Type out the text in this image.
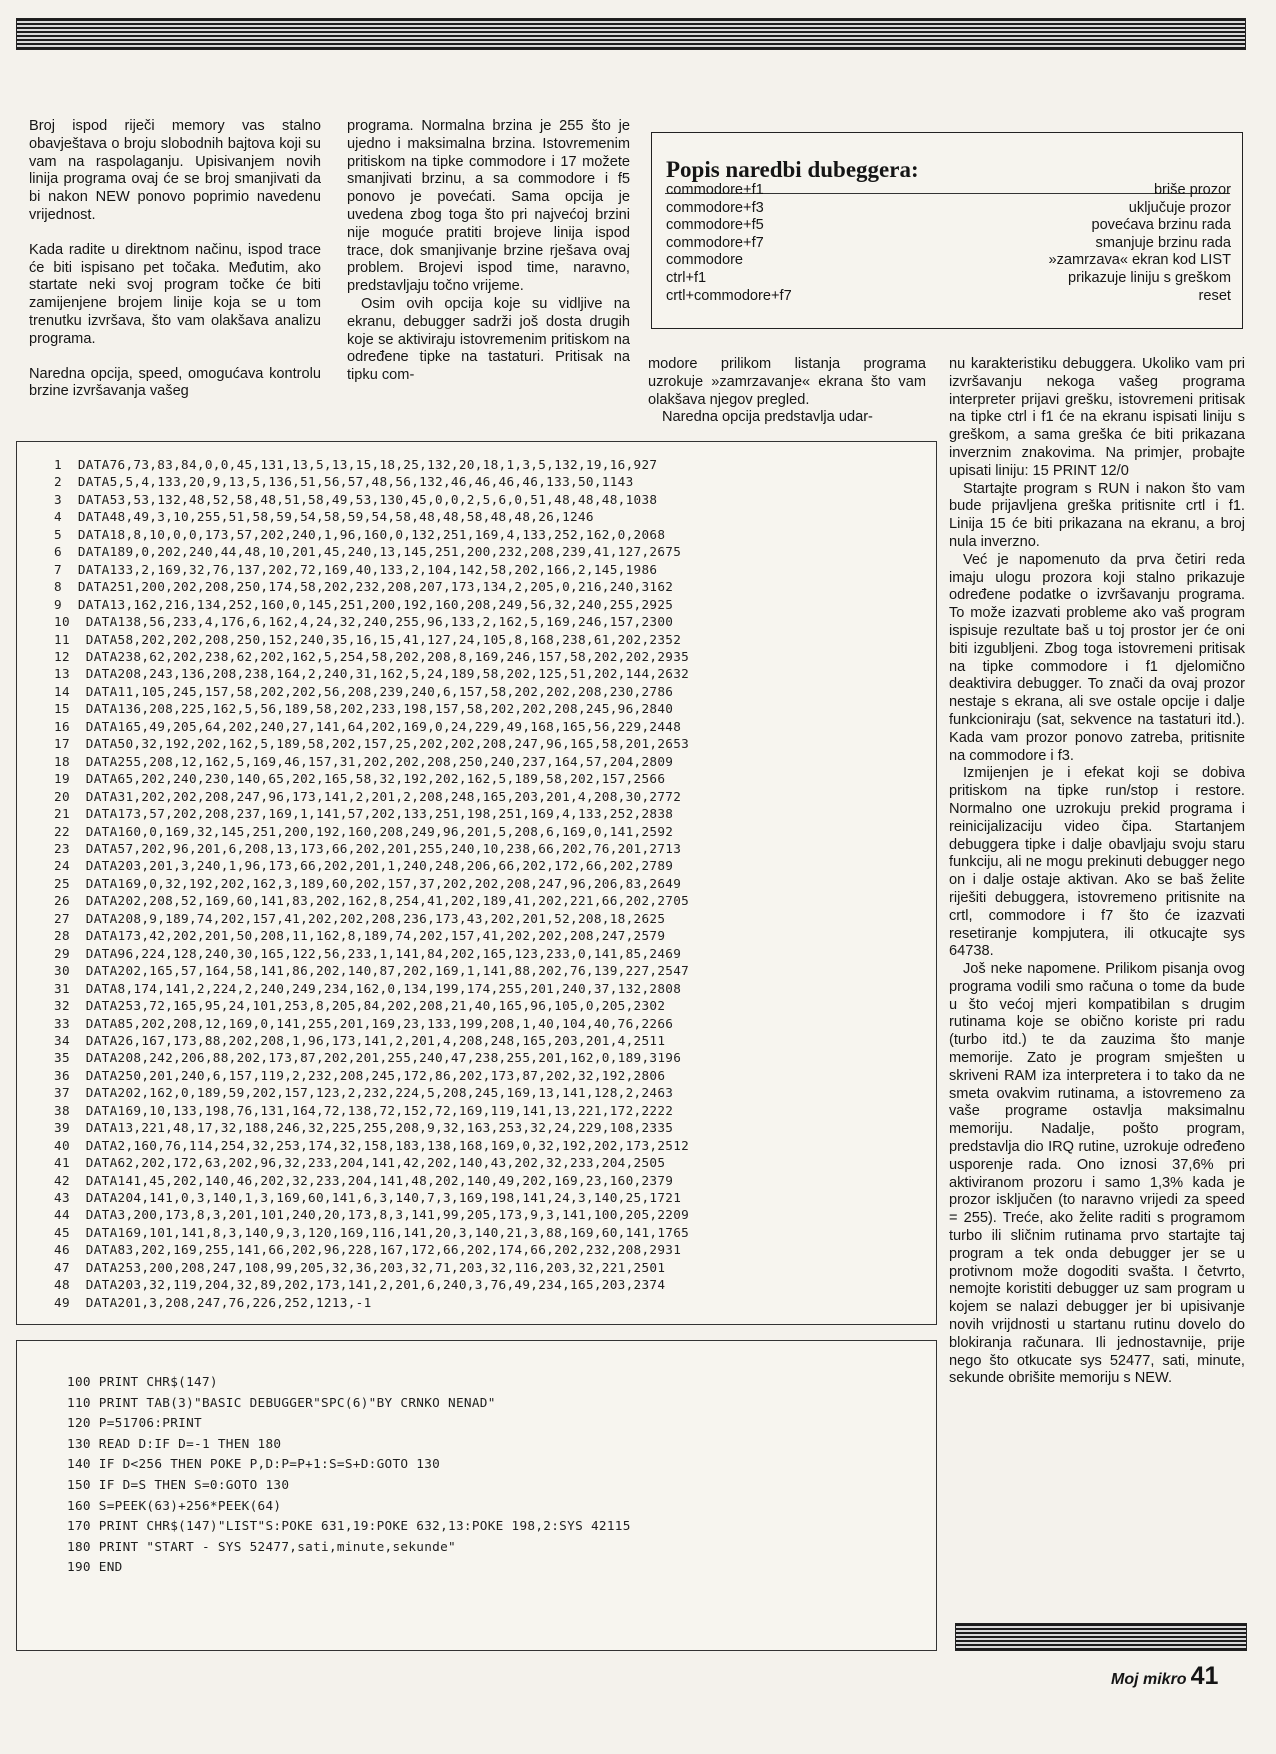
Broj ispod riječi memory vas stalno obavještava o broju slobodnih bajtova koji su vam na raspolaganju. Upisivanjem novih linija programa ovaj će se broj smanjivati da bi nakon NEW ponovo poprimio navedenu vrijednost.

Kada radite u direktnom načinu, ispod trace će biti ispisano pet točaka. Međutim, ako startate neki svoj program točke će biti zamijenjene brojem linije koja se u tom trenutku izvršava, što vam olakšava analizu programa.

Naredna opcija, speed, omogućava kontrolu brzine izvršavanja vašeg

programa. Normalna brzina je 255 što je ujedno i maksimalna brzina. Istovremenim pritiskom na tipke commodore i 17 možete smanjivati brzinu, a sa commodore i f5 ponovo je povećati. Sama opcija je uvedena zbog toga što pri najvećoj brzini nije moguće pratiti brojeve linija ispod trace, dok smanjivanje brzine rješava ovaj problem. Brojevi ispod time, naravno, predstavljaju točno vrijeme.

Osim ovih opcija koje su vidljive na ekranu, debugger sadrži još dosta drugih koje se aktiviraju istovremenim pritiskom na određene tipke na tastaturi. Pritisak na tipku com-

Popis naredbi dubeggera:
commodore+f1	briše prozor
commodore+f3	uključuje prozor
commodore+f5	povećava brzinu rada
commodore+f7	smanjuje brzinu rada
commodore	»zamrzava« ekran kod LIST
ctrl+f1	prikazuje liniju s greškom
crtl+commodore+f7	reset

modore prilikom listanja programa uzrokuje »zamrzavanje« ekrana što vam olakšava njegov pregled.

Naredna opcija predstavlja udar-

nu karakteristiku debuggera. Ukoliko vam pri izvršavanju nekoga vašeg programa interpreter prijavi grešku, istovremeni pritisak na tipke ctrl i f1 će na ekranu ispisati liniju s greškom, a sama greška će biti prikazana inverznim znakovima. Na primjer, probajte upisati liniju: 15 PRINT 12/0

Startajte program s RUN i nakon što vam bude prijavljena greška pritisnite crtl i f1. Linija 15 će biti prikazana na ekranu, a broj nula inverzno.

Već je napomenuto da prva četiri reda imaju ulogu prozora koji stalno prikazuje određene podatke o izvršavanju programa. To može izazvati probleme ako vaš program ispisuje rezultate baš u toj prostor jer će oni biti izgubljeni. Zbog toga istovremeni pritisak na tipke commodore i f1 djelomično deaktivira debugger. To znači da ovaj prozor nestaje s ekrana, ali sve ostale opcije i dalje funkcioniraju (sat, sekvence na tastaturi itd.). Kada vam prozor ponovo zatreba, pritisnite na commodore i f3.

Izmijenjen je i efekat koji se dobiva pritiskom na tipke run/stop i restore. Normalno one uzrokuju prekid programa i reinicijalizaciju video čipa. Startanjem debuggera tipke i dalje obavljaju svoju staru funkciju, ali ne mogu prekinuti debugger nego on i dalje ostaje aktivan. Ako se baš želite riješiti debuggera, istovremeno pritisnite na crtl, commodore i f7 što će izazvati resetiranje kompjutera, ili otkucajte sys 64738.

Još neke napomene. Prilikom pisanja ovog programa vodili smo računa o tome da bude u što većoj mjeri kompatibilan s drugim rutinama koje se obično koriste pri radu (turbo itd.) te da zauzima što manje memorije. Zato je program smješten u skriveni RAM iza interpretera i to tako da ne smeta ovakvim rutinama, a istovremeno za vaše programe ostavlja maksimalnu memoriju. Nadalje, pošto program, predstavlja dio IRQ rutine, uzrokuje određeno usporenje rada. Ono iznosi 37,6% pri aktiviranom prozoru i samo 1,3% kada je prozor isključen (to naravno vrijedi za speed = 255). Treće, ako želite raditi s programom turbo ili sličnim rutinama prvo startajte taj program a tek onda debugger jer se u protivnom može dogoditi svašta. I četvrto, nemojte koristiti debugger uz sam program u kojem se nalazi debugger jer bi upisivanje novih vrijdnosti u startanu rutinu dovelo do blokiranja računara. Ili jednostavnije, prije nego što otkucate sys 52477, sati, minute, sekunde obrišite memoriju s NEW.

1  DATA76,73,83,84,0,0,45,131,13,5,13,15,18,25,132,20,18,1,3,5,132,19,16,927
2  DATA5,5,4,133,20,9,13,5,136,51,56,57,48,56,132,46,46,46,46,133,50,1143
3  DATA53,53,132,48,52,58,48,51,58,49,53,130,45,0,0,2,5,6,0,51,48,48,48,1038
4  DATA48,49,3,10,255,51,58,59,54,58,59,54,58,48,48,58,48,48,26,1246
5  DATA18,8,10,0,0,173,57,202,240,1,96,160,0,132,251,169,4,133,252,162,0,2068
6  DATA189,0,202,240,44,48,10,201,45,240,13,145,251,200,232,208,239,41,127,2675
7  DATA133,2,169,32,76,137,202,72,169,40,133,2,104,142,58,202,166,2,145,1986
8  DATA251,200,202,208,250,174,58,202,232,208,207,173,134,2,205,0,216,240,3162
9  DATA13,162,216,134,252,160,0,145,251,200,192,160,208,249,56,32,240,255,2925
10  DATA138,56,233,4,176,6,162,4,24,32,240,255,96,133,2,162,5,169,246,157,2300
11  DATA58,202,202,208,250,152,240,35,16,15,41,127,24,105,8,168,238,61,202,2352
12  DATA238,62,202,238,62,202,162,5,254,58,202,208,8,169,246,157,58,202,202,2935
13  DATA208,243,136,208,238,164,2,240,31,162,5,24,189,58,202,125,51,202,144,2632
14  DATA11,105,245,157,58,202,202,56,208,239,240,6,157,58,202,202,208,230,2786
15  DATA136,208,225,162,5,56,189,58,202,233,198,157,58,202,202,208,245,96,2840
16  DATA165,49,205,64,202,240,27,141,64,202,169,0,24,229,49,168,165,56,229,2448
17  DATA50,32,192,202,162,5,189,58,202,157,25,202,202,208,247,96,165,58,201,2653
18  DATA255,208,12,162,5,169,46,157,31,202,202,208,250,240,237,164,57,204,2809
19  DATA65,202,240,230,140,65,202,165,58,32,192,202,162,5,189,58,202,157,2566
20  DATA31,202,202,208,247,96,173,141,2,201,2,208,248,165,203,201,4,208,30,2772
21  DATA173,57,202,208,237,169,1,141,57,202,133,251,198,251,169,4,133,252,2838
22  DATA160,0,169,32,145,251,200,192,160,208,249,96,201,5,208,6,169,0,141,2592
23  DATA57,202,96,201,6,208,13,173,66,202,201,255,240,10,238,66,202,76,201,2713
24  DATA203,201,3,240,1,96,173,66,202,201,1,240,248,206,66,202,172,66,202,2789
25  DATA169,0,32,192,202,162,3,189,60,202,157,37,202,202,208,247,96,206,83,2649
26  DATA202,208,52,169,60,141,83,202,162,8,254,41,202,189,41,202,221,66,202,2705
27  DATA208,9,189,74,202,157,41,202,202,208,236,173,43,202,201,52,208,18,2625
28  DATA173,42,202,201,50,208,11,162,8,189,74,202,157,41,202,202,208,247,2579
29  DATA96,224,128,240,30,165,122,56,233,1,141,84,202,165,123,233,0,141,85,2469
30  DATA202,165,57,164,58,141,86,202,140,87,202,169,1,141,88,202,76,139,227,2547
31  DATA8,174,141,2,224,2,240,249,234,162,0,134,199,174,255,201,240,37,132,2808
32  DATA253,72,165,95,24,101,253,8,205,84,202,208,21,40,165,96,105,0,205,2302
33  DATA85,202,208,12,169,0,141,255,201,169,23,133,199,208,1,40,104,40,76,2266
34  DATA26,167,173,88,202,208,1,96,173,141,2,201,4,208,248,165,203,201,4,2511
35  DATA208,242,206,88,202,173,87,202,201,255,240,47,238,255,201,162,0,189,3196
36  DATA250,201,240,6,157,119,2,232,208,245,172,86,202,173,87,202,32,192,2806
37  DATA202,162,0,189,59,202,157,123,2,232,224,5,208,245,169,13,141,128,2,2463
38  DATA169,10,133,198,76,131,164,72,138,72,152,72,169,119,141,13,221,172,2222
39  DATA13,221,48,17,32,188,246,32,225,255,208,9,32,163,253,32,24,229,108,2335
40  DATA2,160,76,114,254,32,253,174,32,158,183,138,168,169,0,32,192,202,173,2512
41  DATA62,202,172,63,202,96,32,233,204,141,42,202,140,43,202,32,233,204,2505
42  DATA141,45,202,140,46,202,32,233,204,141,48,202,140,49,202,169,23,160,2379
43  DATA204,141,0,3,140,1,3,169,60,141,6,3,140,7,3,169,198,141,24,3,140,25,1721
44  DATA3,200,173,8,3,201,101,240,20,173,8,3,141,99,205,173,9,3,141,100,205,2209
45  DATA169,101,141,8,3,140,9,3,120,169,116,141,20,3,140,21,3,88,169,60,141,1765
46  DATA83,202,169,255,141,66,202,96,228,167,172,66,202,174,66,202,232,208,2931
47  DATA253,200,208,247,108,99,205,32,36,203,32,71,203,32,116,203,32,221,2501
48  DATA203,32,119,204,32,89,202,173,141,2,201,6,240,3,76,49,234,165,203,2374
49  DATA201,3,208,247,76,226,252,1213,-1
100 PRINT CHR$(147)
110 PRINT TAB(3)"BASIC DEBUGGER"SPC(6)"BY CRNKO NENAD"
120 P=51706:PRINT
130 READ D:IF D=-1 THEN 180
140 IF D<256 THEN POKE P,D:P=P+1:S=S+D:GOTO 130
150 IF D=S THEN S=0:GOTO 130
160 S=PEEK(63)+256*PEEK(64)
170 PRINT CHR$(147)"LIST"S:POKE 631,19:POKE 632,13:POKE 198,2:SYS 42115
180 PRINT "START - SYS 52477,sati,minute,sekunde"
190 END
Moj mikro 41
